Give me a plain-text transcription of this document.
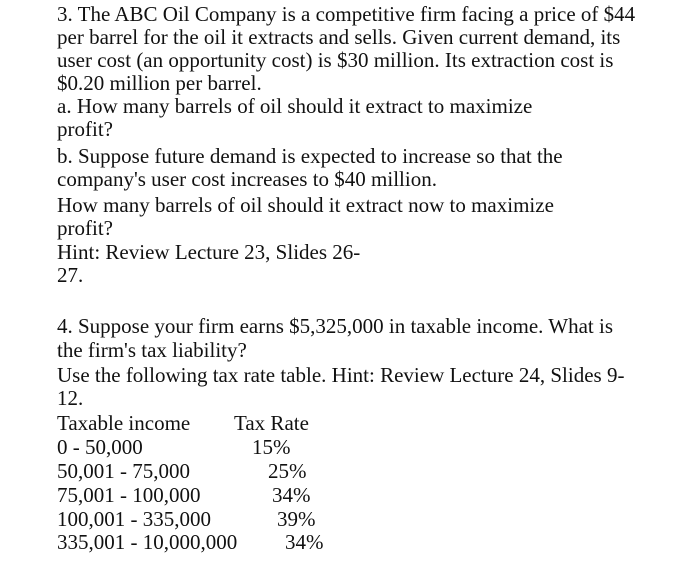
3. The ABC Oil Company is a competitive firm facing a price of $44
per barrel for the oil it extracts and sells. Given current demand, its
user cost (an opportunity cost) is $30 million. Its extraction cost is
$0.20 million per barrel.
a. How many barrels of oil should it extract to maximize
profit?
b. Suppose future demand is expected to increase so that the
company's user cost increases to $40 million.
How many barrels of oil should it extract now to maximize
profit?
Hint: Review Lecture 23, Slides 26-
27.
4. Suppose your firm earns $5,325,000 in taxable income. What is
the firm's tax liability?
Use the following tax rate table. Hint: Review Lecture 24, Slides 9-
12.
Taxable income Tax Rate
0 - 50,000	15%
50,001 - 75,000	25%
75,001 - 100,000	34%
100,001 - 335,000	39%
335,001 - 10,000,000 34%
